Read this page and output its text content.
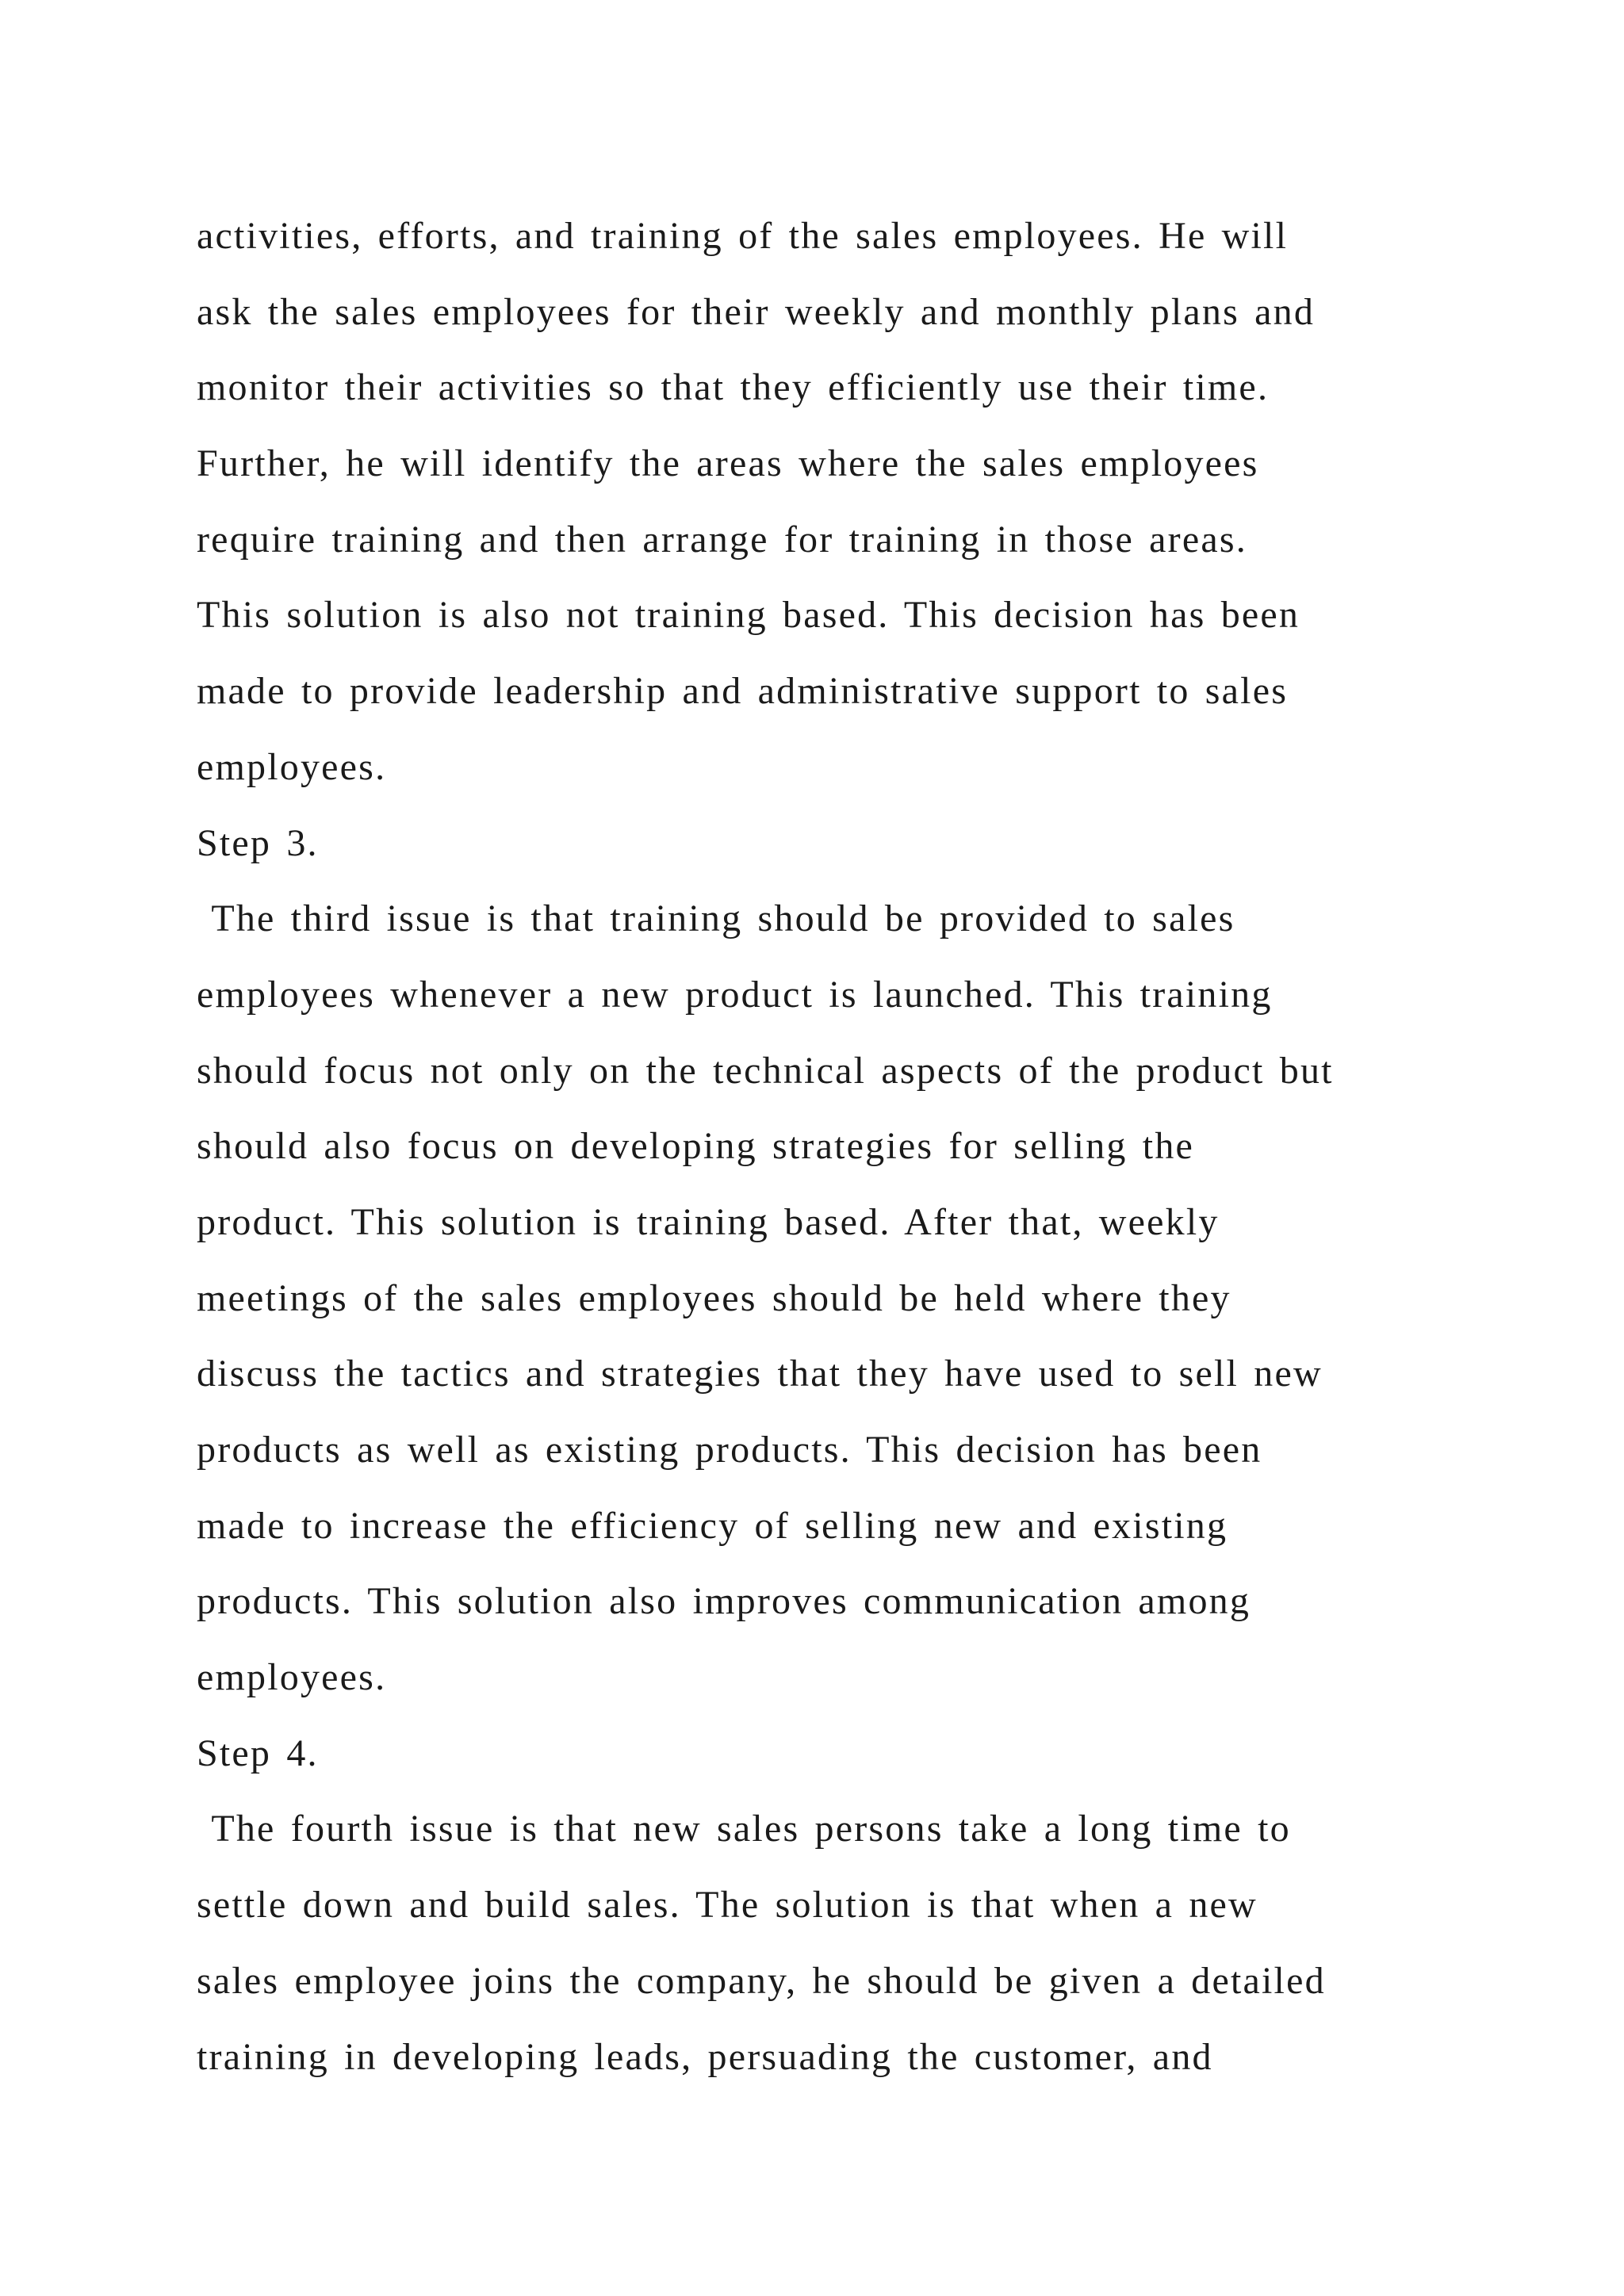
activities, efforts, and training of the sales employees. He will
ask the sales employees for their weekly and monthly plans and
monitor their activities so that they efficiently use their time.
Further, he will identify the areas where the sales employees
require training and then arrange for training in those areas.
This solution is also not training based. This decision has been
made to provide leadership and administrative support to sales
employees.
Step 3.
The third issue is that training should be provided to sales
employees whenever a new product is launched. This training
should focus not only on the technical aspects of the product but
should also focus on developing strategies for selling the
product. This solution is training based. After that, weekly
meetings of the sales employees should be held where they
discuss the tactics and strategies that they have used to sell new
products as well as existing products. This decision has been
made to increase the efficiency of selling new and existing
products. This solution also improves communication among
employees.
Step 4.
The fourth issue is that new sales persons take a long time to
settle down and build sales. The solution is that when a new
sales employee joins the company, he should be given a detailed
training in developing leads, persuading the customer, and
